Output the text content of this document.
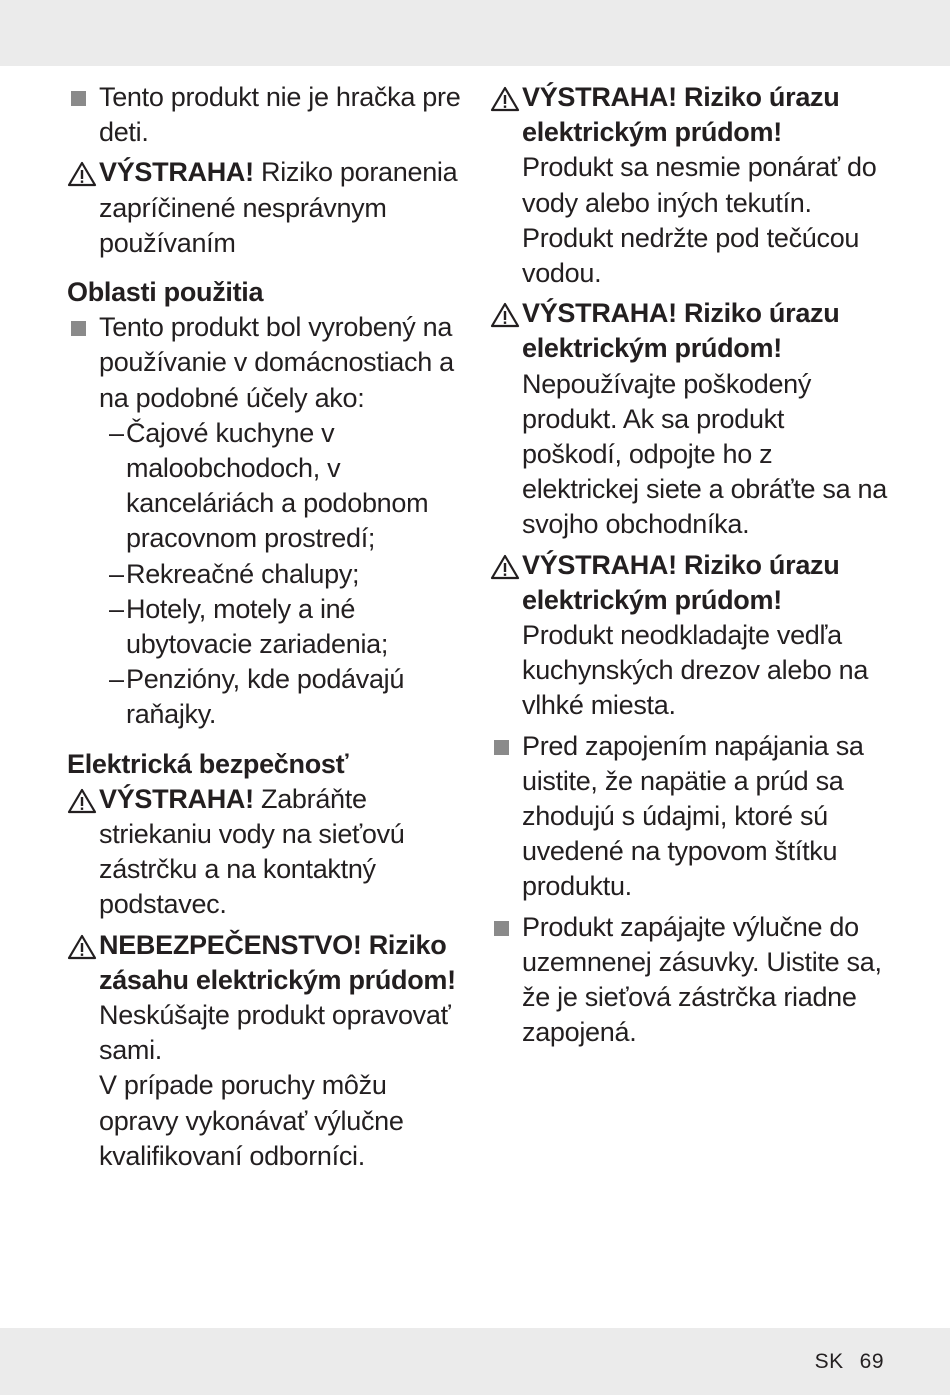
Tento produkt nie je hračka pre deti.
VÝSTRAHA! Riziko poranenia zapríčinené nesprávnym používaním
Oblasti použitia
Tento produkt bol vyrobený na používanie v domácnostiach a na podobné účely ako:
– Čajové kuchyne v maloobchodoch, v kanceláriách a podobnom pracovnom prostredí;
– Rekreačné chalupy;
– Hotely, motely a iné ubytovacie zariadenia;
– Penzióny, kde podávajú raňajky.
Elektrická bezpečnosť
VÝSTRAHA! Zabráňte striekaniu vody na sieťovú zástrčku a na kontaktný podstavec.
NEBEZPEČENSTVO! Riziko zásahu elektrickým prúdom!
Neskúšajte produkt opravovať sami.
V prípade poruchy môžu opravy vykonávať výlučne kvalifikovaní odborníci.
VÝSTRAHA! Riziko úrazu elektrickým prúdom!
Produkt sa nesmie ponárať do vody alebo iných tekutín. Produkt nedržte pod tečúcou vodou.
VÝSTRAHA! Riziko úrazu elektrickým prúdom! Nepoužívajte poškodený produkt. Ak sa produkt poškodí, odpojte ho z elektrickej siete a obráťte sa na svojho obchodníka.
VÝSTRAHA! Riziko úrazu elektrickým prúdom!
Produkt neodkladajte vedľa kuchynských drezov alebo na vlhké miesta.
Pred zapojením napájania sa uistite, že napätie a prúd sa zhodujú s údajmi, ktoré sú uvedené na typovom štítku produktu.
Produkt zapájajte výlučne do uzemnenej zásuvky. Uistite sa, že je sieťová zástrčka riadne zapojená.
SK 69
